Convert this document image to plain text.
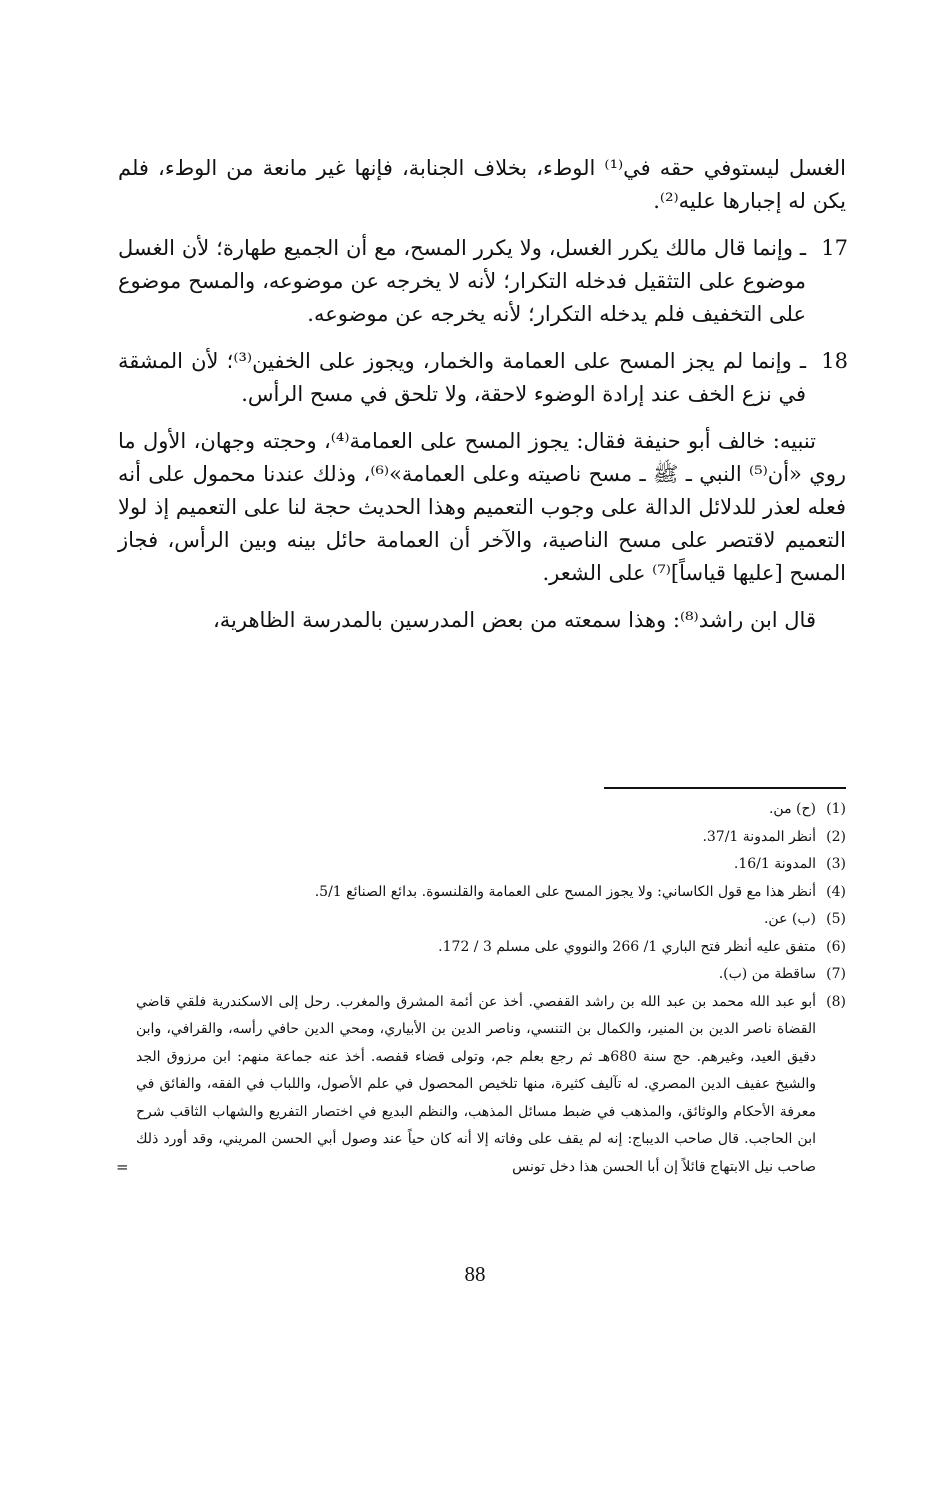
الغسل ليستوفي حقه في⁽¹⁾ الوطء، بخلاف الجنابة، فإنها غير مانعة من الوطء، فلم يكن له إجبارها عليه⁽²⁾.

17
ـ وإنما قال مالك يكرر الغسل، ولا يكرر المسح، مع أن الجميع طهارة؛ لأن الغسل موضوع على التثقيل فدخله التكرار؛ لأنه لا يخرجه عن موضوعه، والمسح موضوع على التخفيف فلم يدخله التكرار؛ لأنه يخرجه عن موضوعه.

18
ـ وإنما لم يجز المسح على العمامة والخمار، ويجوز على الخفين⁽³⁾؛ لأن المشقة في نزع الخف عند إرادة الوضوء لاحقة، ولا تلحق في مسح الرأس.

تنبيه: خالف أبو حنيفة فقال: يجوز المسح على العمامة⁽⁴⁾، وحجته وجهان، الأول ما روي «أن⁽⁵⁾ النبي ـ ﷺ ـ مسح ناصيته وعلى العمامة»⁽⁶⁾، وذلك عندنا محمول على أنه فعله لعذر للدلائل الدالة على وجوب التعميم وهذا الحديث حجة لنا على التعميم إذ لولا التعميم لاقتصر على مسح الناصية، والآخر أن العمامة حائل بينه وبين الرأس، فجاز المسح [عليها قياساً]⁽⁷⁾ على الشعر.

قال ابن راشد⁽⁸⁾: وهذا سمعته من بعض المدرسين بالمدرسة الظاهرية،

(1)
(ح) من.
(2)
أنظر المدونة 37/1.
(3)
المدونة 16/1.
(4)
أنظر هذا مع قول الكاساني: ولا يجوز المسح على العمامة والقلنسوة. بدائع الصنائع 5/1.
(5)
(ب) عن.
(6)
متفق عليه أنظر فتح الباري 1/ 266 والنووي على مسلم 3 / 172.
(7)
ساقطة من (ب).
(8)
أبو عبد الله محمد بن عبد الله بن راشد القفصي. أخذ عن أئمة المشرق والمغرب. رحل إلى الاسكندرية فلقي قاضي القضاة ناصر الدين بن المنير، والكمال بن التنسي، وناصر الدين بن الأبياري، ومحي الدين حافي رأسه، والقرافي، وابن دقيق العيد، وغيرهم. حج سنة 680هـ ثم رجع بعلم جم، وتولى قضاء قفصه. أخذ عنه جماعة منهم: ابن مرزوق الجد والشيخ عفيف الدين المصري. له تآليف كثيرة، منها تلخيص المحصول في علم الأصول، واللباب في الفقه، والفائق في معرفة الأحكام والوثائق، والمذهب في ضبط مسائل المذهب، والنظم البديع في اختصار التفريع والشهاب الثاقب شرح ابن الحاجب. قال صاحب الديباج: إنه لم يقف على وفاته إلا أنه كان حياً عند وصول أبي الحسن المريني، وقد أورد ذلك صاحب نيل الابتهاج قائلاً إن أبا الحسن هذا دخل تونس
=
88
